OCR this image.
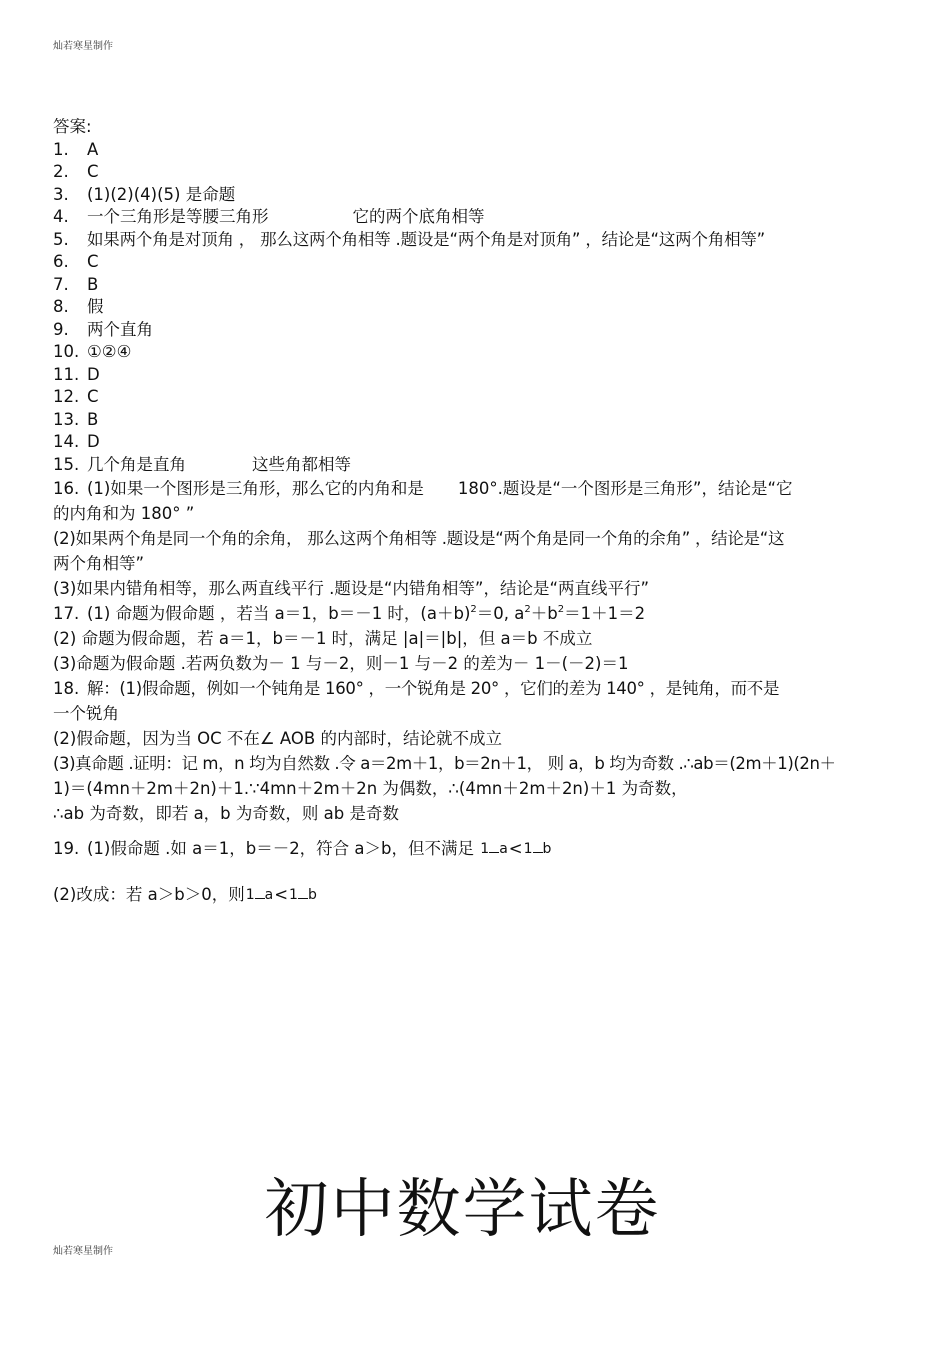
灿若寒星制作
答案:
1. A
2. C
3. (1)(2)(4)(5) 是命题
4. 一个三角形是等腰三角形	它的两个底角相等
5. 如果两个角是对顶角 ， 那么这两个角相等 .题设是“两个角是对顶角” ，结论是“这两个角相等”
6. C
7. B
8. 假
9. 两个直角
10. ①②④
11. D
12. C
13. B
14. D
15. 几个角是直角	这些角都相等
16. (1)如果一个图形是三角形，那么它的内角和是 180°.题设是“一个图形是三角形”，结论是“它
的内角和为 180° ”
(2)如果两个角是同一个角的余角， 那么这两个角相等 .题设是“两个角是同一个角的余角” ，结论是“这
两个角相等”
(3)如果内错角相等，那么两直线平行 .题设是“内错角相等”，结论是“两直线平行”
17. (1) 命题为假命题 ，若当 a＝1，b＝－1 时，$(a+b)^2=0$, $a^2+b^2=1+1=2$
(2) 命题为假命题，若 a＝1，b＝－1 时，满足 |a|＝|b|，但 a＝b 不成立
(3)命题为假命题 .若两负数为－ 1 与－2，则－1 与－2 的差为－ 1－(－2)＝1
18. 解：(1)假命题，例如一个钝角是 160° ，一个锐角是 20° ，它们的差为 140° ，是钝角，而不是
一个锐角
(2)假命题，因为当 OC 不在∠ AOB 的内部时，结论就不成立
(3)真命题 .证明：记 m，n 均为自然数 .令 a＝2m＋1，b＝2n＋1， 则 a，b 均为奇数 .∴ab＝(2m＋1)(2n＋
1)＝(4mn＋2m＋2n)＋1.∵4mn＋2m＋2n 为偶数，∴(4mn＋2m＋2n)＋1 为奇数，
∴ab 为奇数，即若 a，b 为奇数，则 ab 是奇数
19. (1)假命题 .如 a＝1，b＝－2，符合 a＞b，但不满足 1 a<1 b
(2)改成：若 a＞b＞0，则1 a<1 b
初中数学试卷
灿若寒星制作
